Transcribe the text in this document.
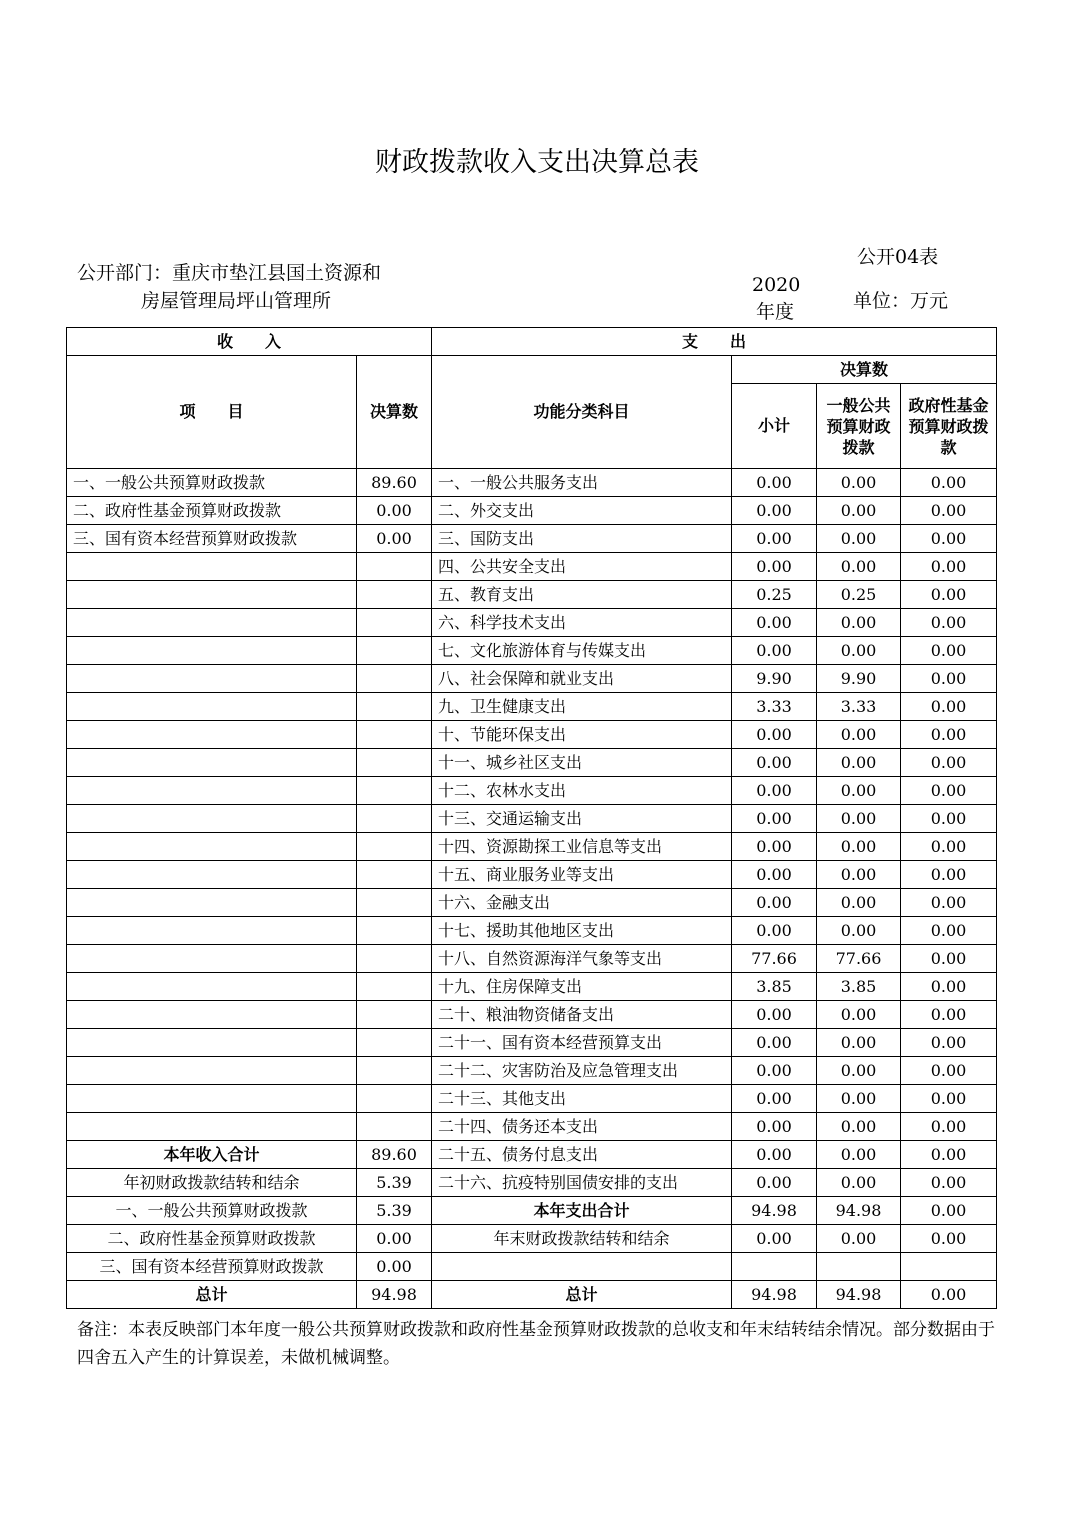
财政拨款收入支出决算总表
公开04表
公开部门：重庆市垫江县国土资源和
房屋管理局坪山管理所
2020
年度	单位：万元
收　　入		支　　出			
项　　目	决算数	功能分类科目	决算数		
			小计	一般公共预算财政拨款	政府性基金预算财政拨款
一、一般公共预算财政拨款	89.60	一、一般公共服务支出	0.00	0.00	0.00
二、政府性基金预算财政拨款	0.00	二、外交支出	0.00	0.00	0.00
三、国有资本经营预算财政拨款	0.00	三、国防支出	0.00	0.00	0.00
		四、公共安全支出	0.00	0.00	0.00
		五、教育支出	0.25	0.25	0.00
		六、科学技术支出	0.00	0.00	0.00
		七、文化旅游体育与传媒支出	0.00	0.00	0.00
		八、社会保障和就业支出	9.90	9.90	0.00
		九、卫生健康支出	3.33	3.33	0.00
		十、节能环保支出	0.00	0.00	0.00
		十一、城乡社区支出	0.00	0.00	0.00
		十二、农林水支出	0.00	0.00	0.00
		十三、交通运输支出	0.00	0.00	0.00
		十四、资源勘探工业信息等支出	0.00	0.00	0.00
		十五、商业服务业等支出	0.00	0.00	0.00
		十六、金融支出	0.00	0.00	0.00
		十七、援助其他地区支出	0.00	0.00	0.00
		十八、自然资源海洋气象等支出	77.66	77.66	0.00
		十九、住房保障支出	3.85	3.85	0.00
		二十、粮油物资储备支出	0.00	0.00	0.00
		二十一、国有资本经营预算支出	0.00	0.00	0.00
		二十二、灾害防治及应急管理支出	0.00	0.00	0.00
		二十三、其他支出	0.00	0.00	0.00
		二十四、债务还本支出	0.00	0.00	0.00
本年收入合计	89.60	二十五、债务付息支出	0.00	0.00	0.00
年初财政拨款结转和结余	5.39	二十六、抗疫特别国债安排的支出	0.00	0.00	0.00
一、一般公共预算财政拨款	5.39	本年支出合计	94.98	94.98	0.00
二、政府性基金预算财政拨款	0.00	年末财政拨款结转和结余	0.00	0.00	0.00
三、国有资本经营预算财政拨款	0.00				
总计	94.98	总计	94.98	94.98	0.00
备注：本表反映部门本年度一般公共预算财政拨款和政府性基金预算财政拨款的总收支和年末结转结余情况。部分数据由于四舍五入产生的计算误差，未做机械调整。
